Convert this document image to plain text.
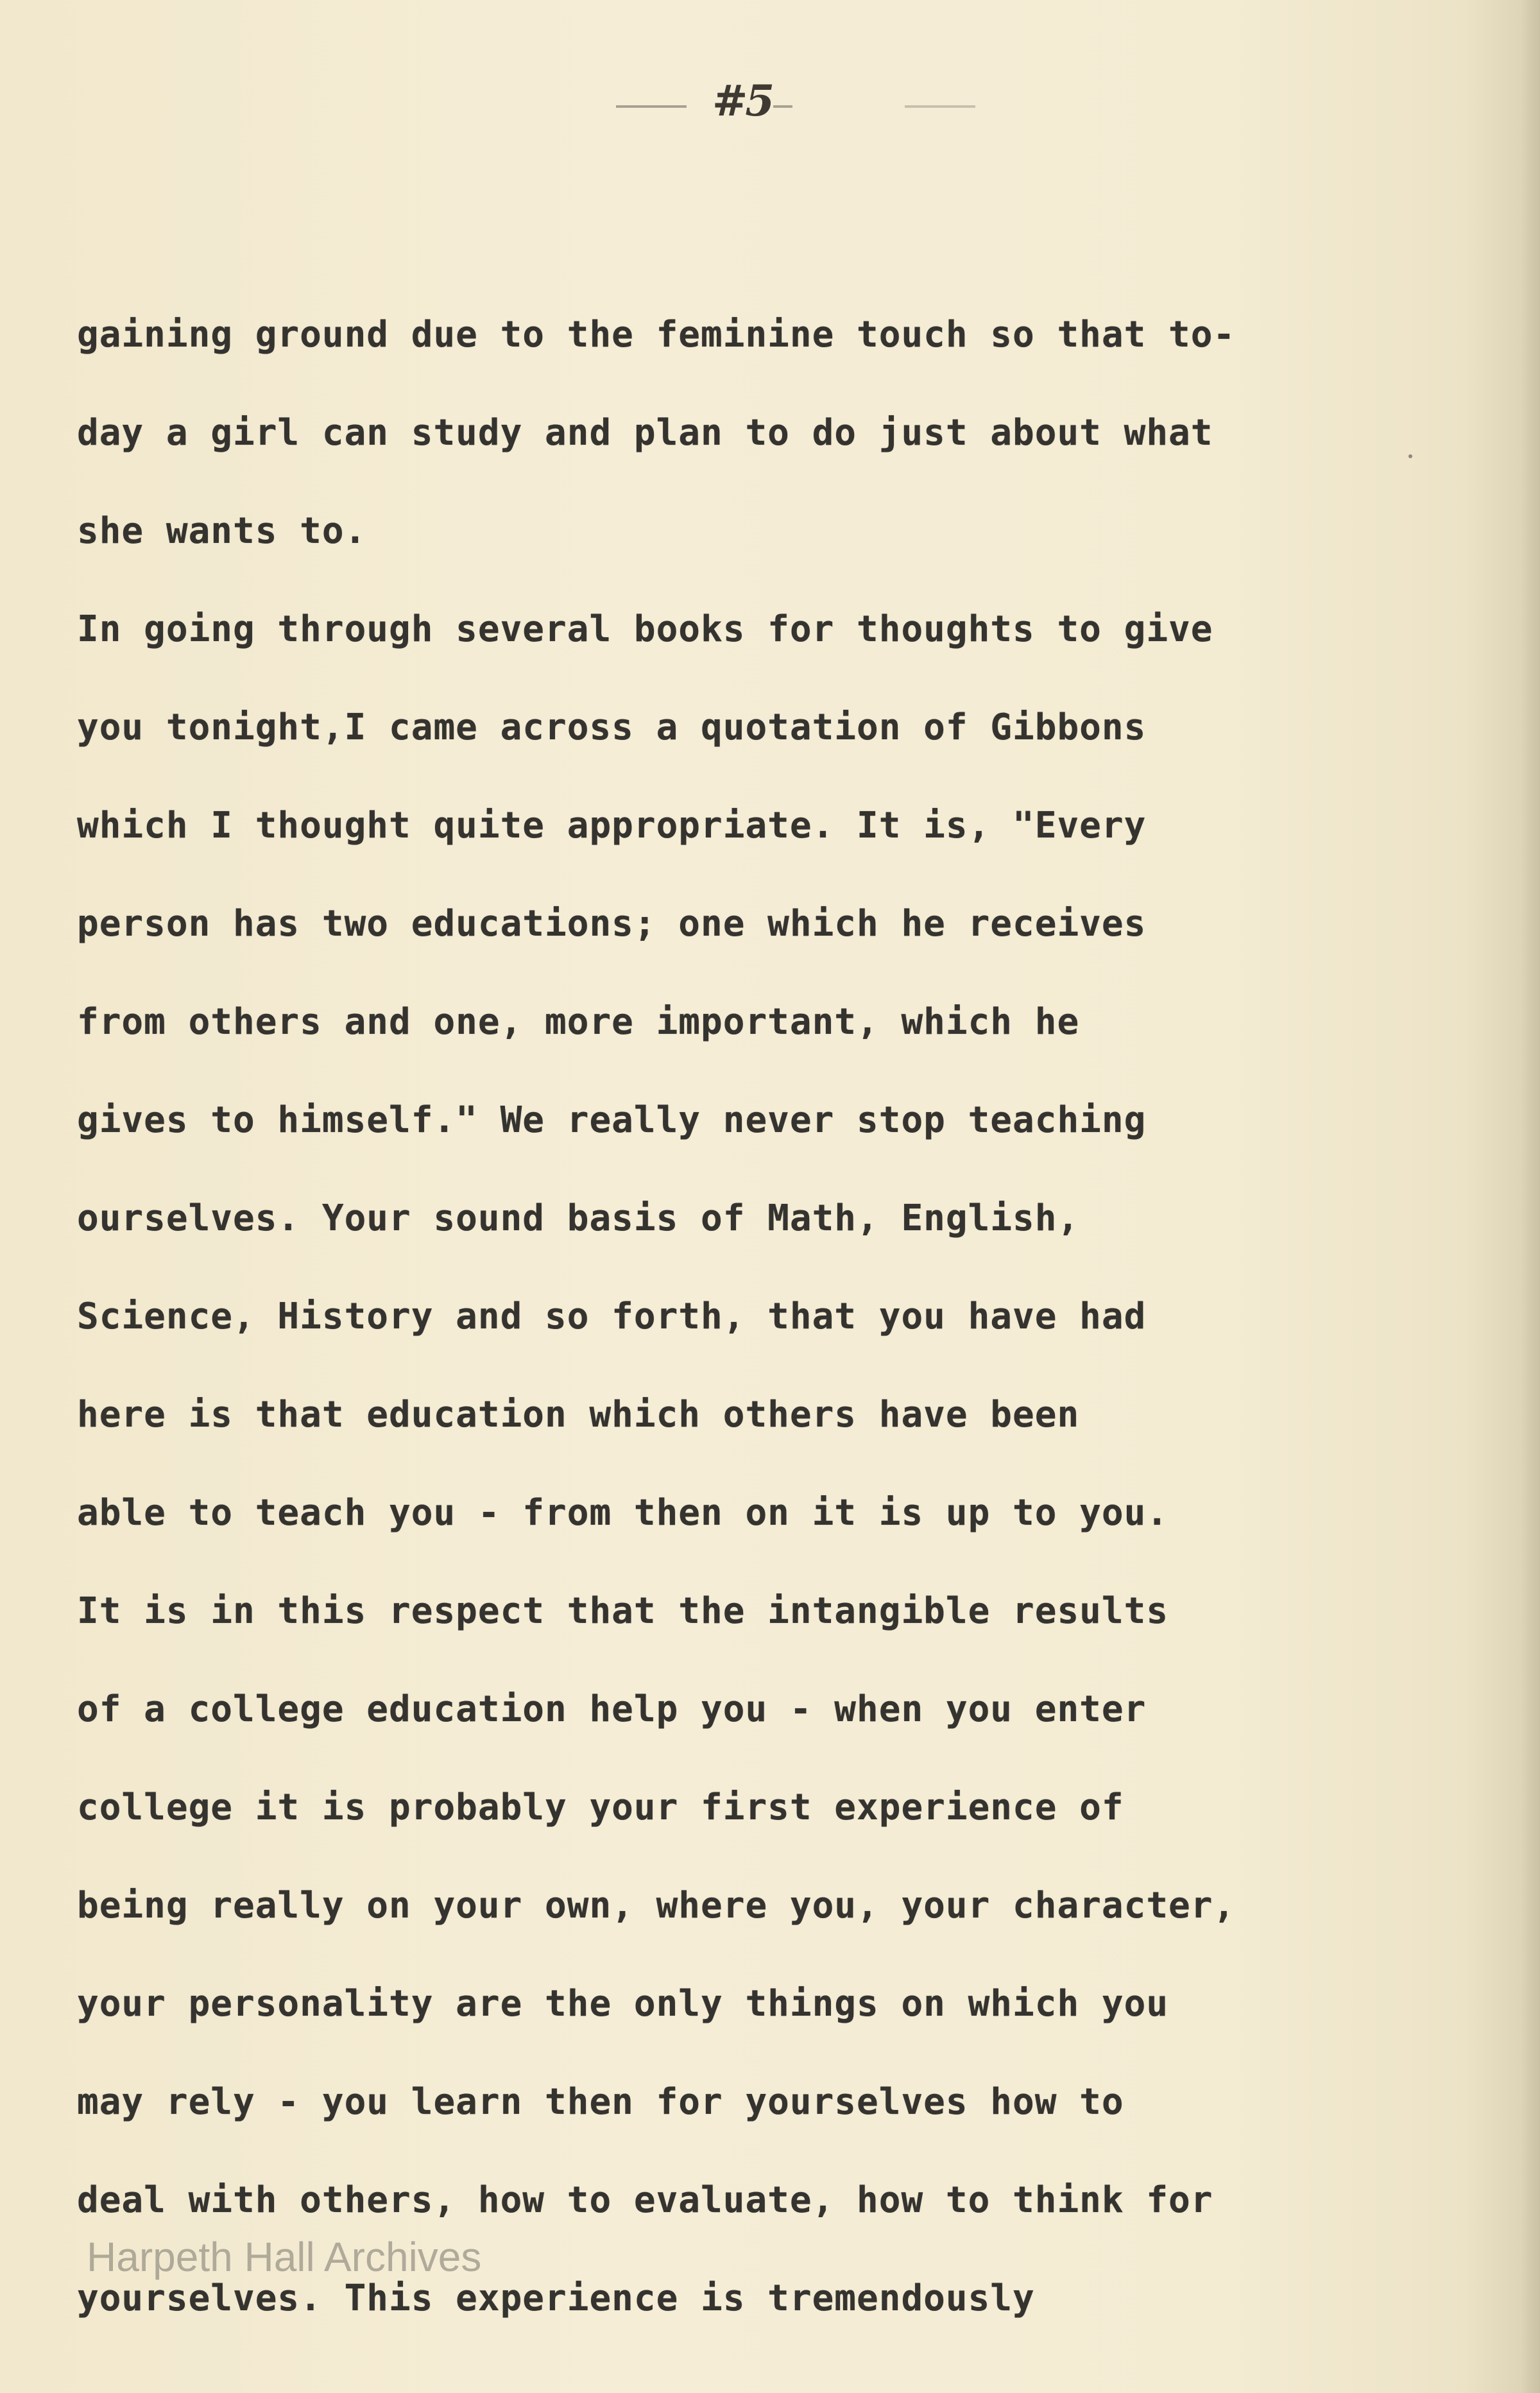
#5
gaining ground due to the feminine touch so that to-
day a girl can study and plan to do just about what
she wants to.
In going through several books for thoughts to give
you tonight,I came across a quotation of Gibbons
which I thought quite appropriate. It is, "Every
person has two educations; one which he receives
from others and one, more important, which he
gives to himself." We really never stop teaching
ourselves. Your sound basis of Math, English,
Science, History and so forth, that you have had
here is that education which others have been
able to teach you - from then on it is up to you.
It is in this respect that the intangible results
of a college education help you - when you enter
college it is probably your first experience of
being really on your own, where you, your character,
your personality are the only things on which you
may rely - you learn then for yourselves how to
deal with others, how to evaluate, how to think for
yourselves. This experience is tremendously
Harpeth Hall Archives
